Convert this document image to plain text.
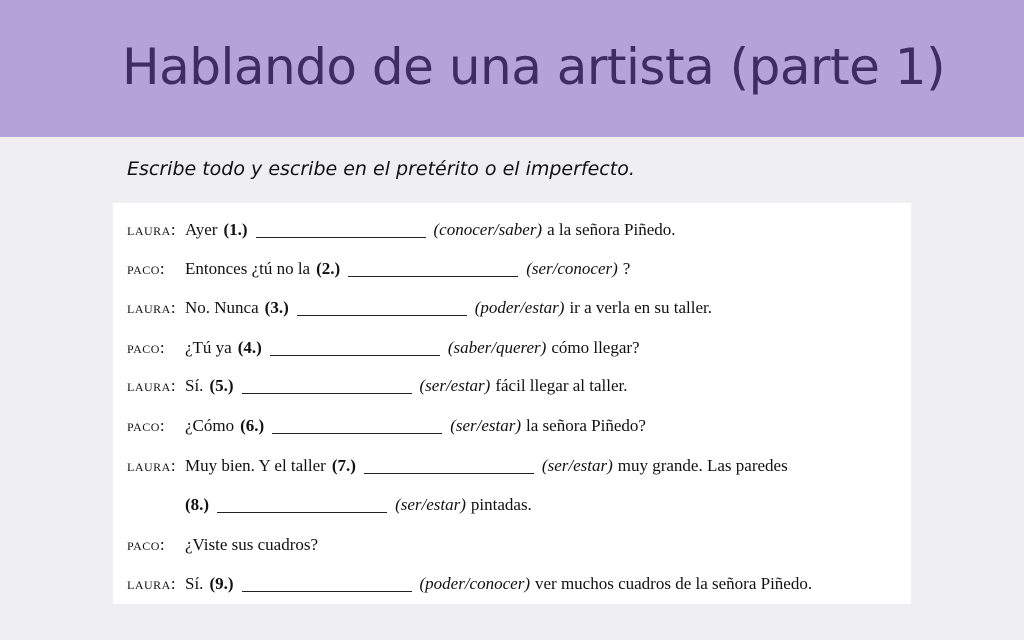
Hablando de una artista (parte 1)
Escribe todo y escribe en el pretérito o el imperfecto.
LAURA: Ayer (1.)	(conocer/saber) a la señora Piñedo.
PACO:	Entonces ¿tú no la (2.)	(ser/conocer) ?
LAURA: No. Nunca (3.)	(poder/estar) ir a verla en su taller.
PACO:	¿Tú ya (4.)	(saber/querer) cómo llegar?
LAURA: Sí. (5.)	(ser/estar) fácil llegar al taller.
PACO:	¿Cómo (6.)	(ser/estar) la señora Piñedo?
LAURA: Muy bien. Y el taller (7.)	(ser/estar) muy grande. Las paredes
(8.)	(ser/estar) pintadas.
PACO:	¿Viste sus cuadros?
LAURA: Sí. (9.)	(poder/conocer) ver muchos cuadros de la señora Piñedo.
